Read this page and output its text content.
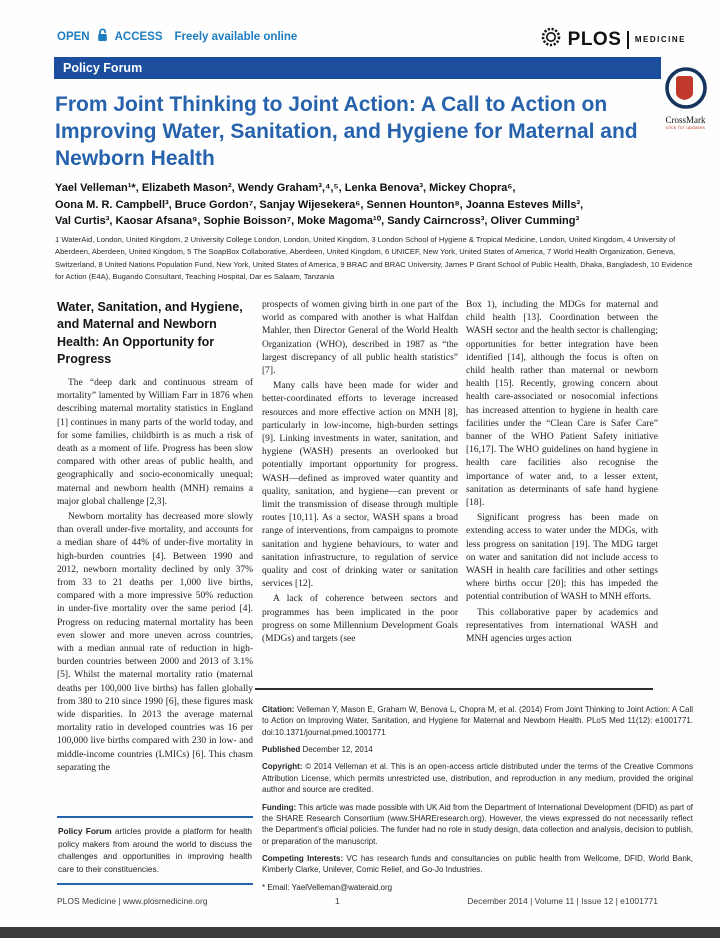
OPEN ACCESS Freely available online	PLOS MEDICINE
Policy Forum
CrossMark
click for updates
From Joint Thinking to Joint Action: A Call to Action on Improving Water, Sanitation, and Hygiene for Maternal and Newborn Health
Yael Velleman¹*, Elizabeth Mason², Wendy Graham³,⁴,⁵, Lenka Benova³, Mickey Chopra⁶,
Oona M. R. Campbell³, Bruce Gordon⁷, Sanjay Wijesekera⁶, Sennen Hounton⁸, Joanna Esteves Mills³,
Val Curtis³, Kaosar Afsana⁹, Sophie Boisson⁷, Moke Magoma¹⁰, Sandy Cairncross³, Oliver Cumming³
1 WaterAid, London, United Kingdom, 2 University College London, London, United Kingdom, 3 London School of Hygiene & Tropical Medicine, London, United Kingdom, 4 University of Aberdeen, Aberdeen, United Kingdom, 5 The SoapBox Collaborative, Aberdeen, United Kingdom, 6 UNICEF, New York, United States of America, 7 World Health Organization, Geneva, Switzerland, 8 United Nations Population Fund, New York, United States of America, 9 BRAC and BRAC University, James P Grant School of Public Health, Dhaka, Bangladesh, 10 Evidence for Action (E4A), Bugando Consultant, Teaching Hospital, Dar es Salaam, Tanzania
Water, Sanitation, and Hygiene, and Maternal and Newborn Health: An Opportunity for Progress

The “deep dark and continuous stream of mortality” lamented by William Farr in 1876 when describing maternal mortality statistics in England [1] continues in many parts of the world today, and for some families, childbirth is as much a risk of death as a moment of life. Progress has been slow compared with other areas of public health, and geographically and socio-economically unequal; maternal and newborn health (MNH) remains a major global challenge [2,3].

Newborn mortality has decreased more slowly than overall under-five mortality, and accounts for a median share of 44% of under-five mortality in high-burden countries [4]. Between 1990 and 2012, newborn mortality declined by only 37% from 33 to 21 deaths per 1,000 live births, compared with a more impressive 50% reduction in under-five mortality over the same period [4]. Progress on reducing maternal mortality has been even slower and more uneven across countries, with a median annual rate of reduction in high-burden countries between 2000 and 2013 of 3.1% [5]. Whilst the maternal mortality ratio (maternal deaths per 100,000 live births) has fallen globally from 380 to 210 since 1990 [6], these figures mask wide disparities. In 2013 the average maternal mortality ratio in developed countries was 16 per 100,000 live births compared with 230 in low- and middle-income countries (LMICs) [6]. This chasm separating the

Policy Forum articles provide a platform for health policy makers from around the world to discuss the challenges and opportunities in improving health care to their constituencies.

prospects of women giving birth in one part of the world as compared with another is what Halfdan Mahler, then Director General of the World Health Organization (WHO), described in 1987 as “the largest discrepancy of all public health statistics” [7].

Many calls have been made for wider and better-coordinated efforts to leverage increased resources and more effective action on MNH [8], particularly in low-income, high-burden settings [9]. Linking investments in water, sanitation, and hygiene (WASH) presents an overlooked but potentially important opportunity for progress. WASH—defined as improved water quantity and quality, sanitation, and hygiene—can prevent or limit the transmission of disease through multiple routes [10,11]. As a sector, WASH spans a broad range of interventions, from campaigns to promote sanitation and hygiene behaviours, to water and sanitation infrastructure, to regulation of service quality and cost of drinking water or sanitation services [12].

A lack of coherence between sectors and programmes has been implicated in the poor progress on some Millennium Development Goals (MDGs) and targets (see

Box 1), including the MDGs for maternal and child health [13]. Coordination between the WASH sector and the health sector is challenging; opportunities for better integration have been identified [14], although the focus is often on child health rather than maternal or newborn health [15]. Recently, growing concern about health care-associated or nosocomial infections has increased attention to hygiene in health care facilities under the “Clean Care is Safer Care” banner of the WHO Patient Safety initiative [16,17]. The WHO guidelines on hand hygiene in health care facilities also recognise the importance of water and, to a lesser extent, sanitation as determinants of safe hand hygiene [18].

Significant progress has been made on extending access to water under the MDGs, with less progress on sanitation [19]. The MDG target on water and sanitation did not include access to WASH in health care facilities and other settings where births occur [20]; this has impeded the potential contribution of WASH to MNH efforts.

This collaborative paper by academics and representatives from international WASH and MNH agencies urges action

Citation: Velleman Y, Mason E, Graham W, Benova L, Chopra M, et al. (2014) From Joint Thinking to Joint Action: A Call to Action on Improving Water, Sanitation, and Hygiene for Maternal and Newborn Health. PLoS Med 11(12): e1001771. doi:10.1371/journal.pmed.1001771
Published December 12, 2014
Copyright: © 2014 Velleman et al. This is an open-access article distributed under the terms of the Creative Commons Attribution License, which permits unrestricted use, distribution, and reproduction in any medium, provided the original author and source are credited.
Funding: This article was made possible with UK Aid from the Department of International Development (DFID) as part of the SHARE Research Consortium (www.SHAREresearch.org). However, the views expressed do not necessarily reflect the Department’s official policies. The funder had no role in study design, data collection and analysis, decision to publish, or preparation of the manuscript.
Competing Interests: VC has research funds and consultancies on public health from Wellcome, DFID, World Bank, Kimberly Clarke, Unilever, Comic Relief, and Go-Jo Industries.
* Email: YaelVelleman@wateraid.org
PLOS Medicine | www.plosmedicine.org	1	December 2014 | Volume 11 | Issue 12 | e1001771
